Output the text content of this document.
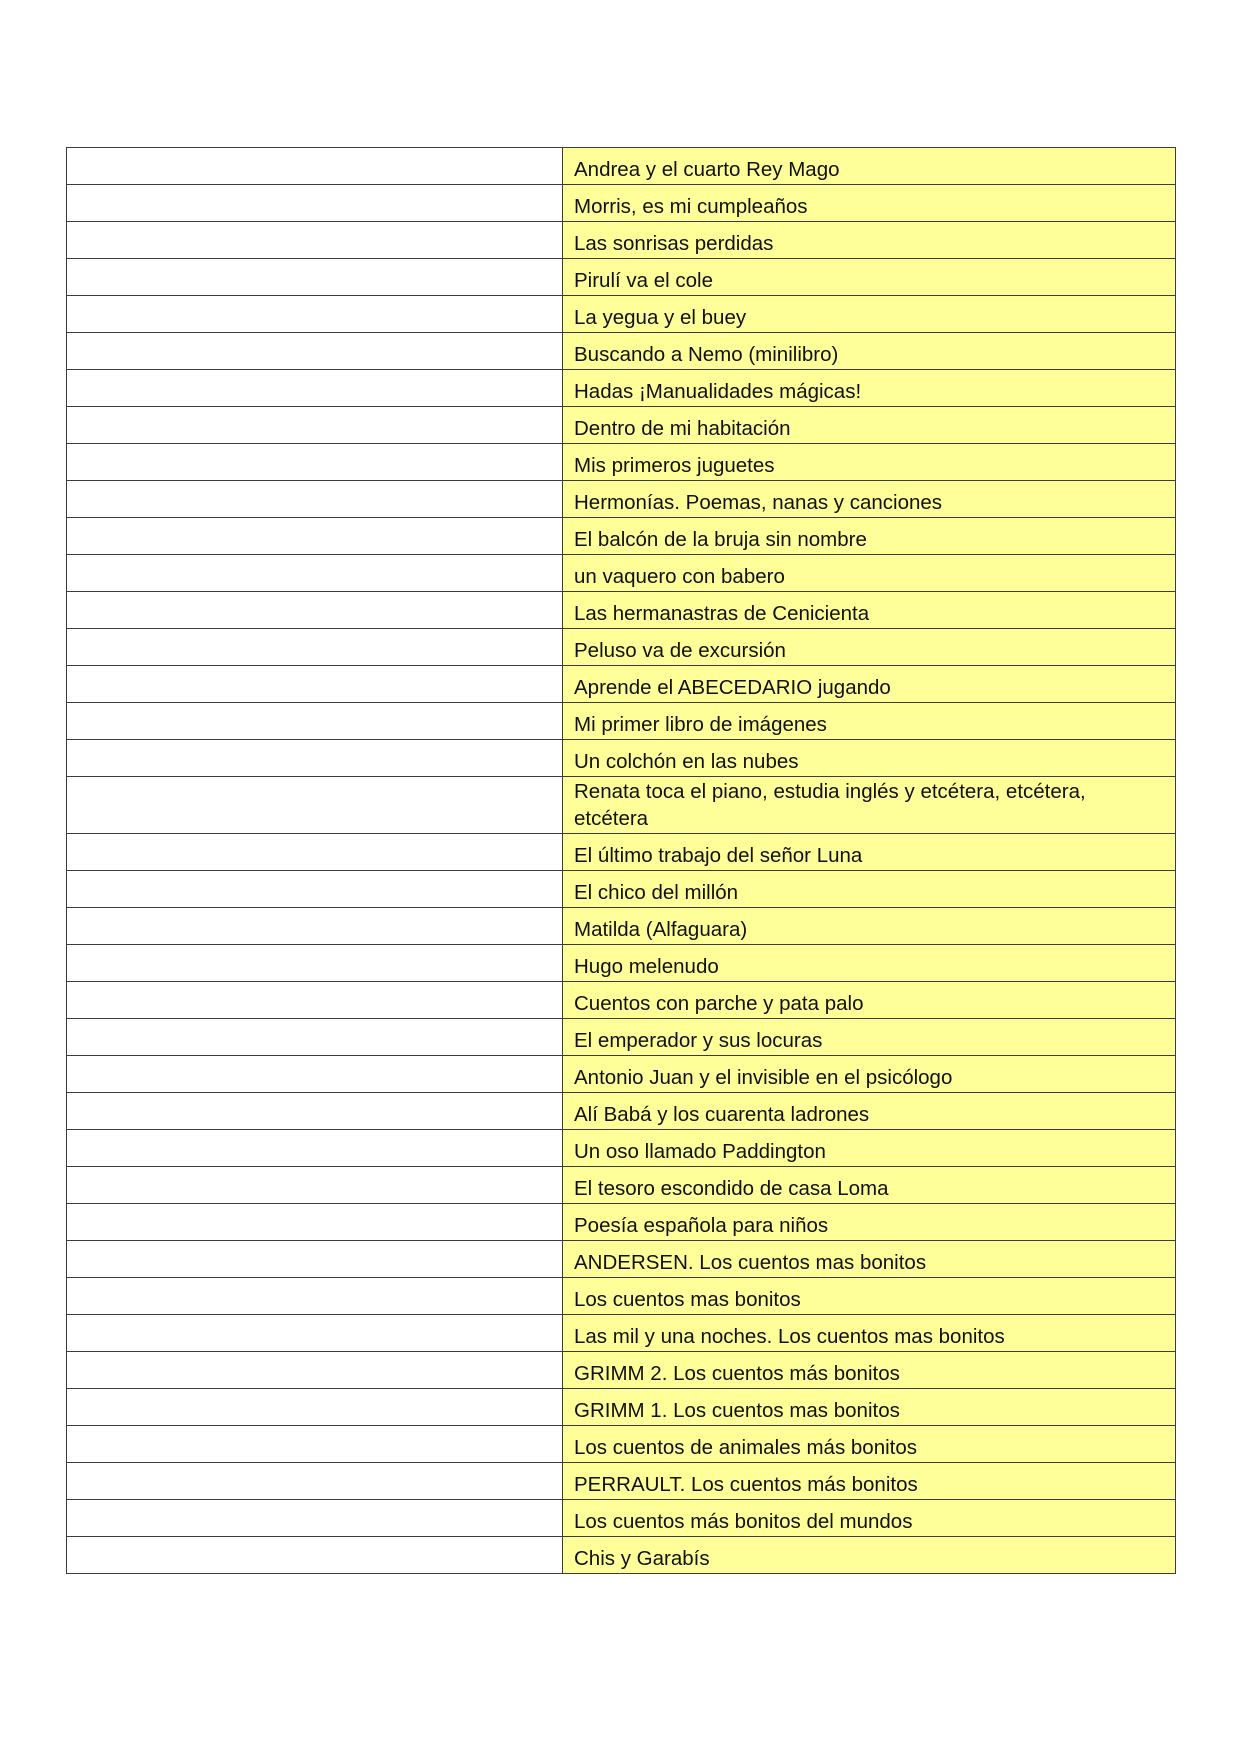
	Andrea y el cuarto Rey Mago
	Morris, es mi cumpleaños
	Las sonrisas perdidas
	Pirulí va el cole
	La yegua y el buey
	Buscando a Nemo (minilibro)
	Hadas ¡Manualidades mágicas!
	Dentro de mi habitación
	Mis primeros juguetes
	Hermonías. Poemas, nanas y canciones
	El balcón de la bruja sin nombre
	un vaquero con babero
	Las hermanastras de Cenicienta
	Peluso va de excursión
	Aprende el ABECEDARIO jugando
	Mi primer libro de imágenes
	Un colchón en las nubes
	Renata toca el piano, estudia inglés y etcétera, etcétera, etcétera
	El último trabajo del señor Luna
	El chico del millón
	Matilda (Alfaguara)
	Hugo melenudo
	Cuentos con parche y pata palo
	El emperador y sus locuras
	Antonio Juan y el invisible en el psicólogo
	Alí Babá y los cuarenta ladrones
	Un oso llamado Paddington
	El tesoro escondido de casa Loma
	Poesía española para niños
	ANDERSEN. Los cuentos mas bonitos
	Los cuentos mas bonitos
	Las mil y una noches. Los cuentos mas bonitos
	GRIMM 2. Los cuentos más bonitos
	GRIMM 1. Los cuentos mas bonitos
	Los cuentos de animales más bonitos
	PERRAULT. Los cuentos más bonitos
	Los cuentos más bonitos del mundos
	Chis y Garabís
